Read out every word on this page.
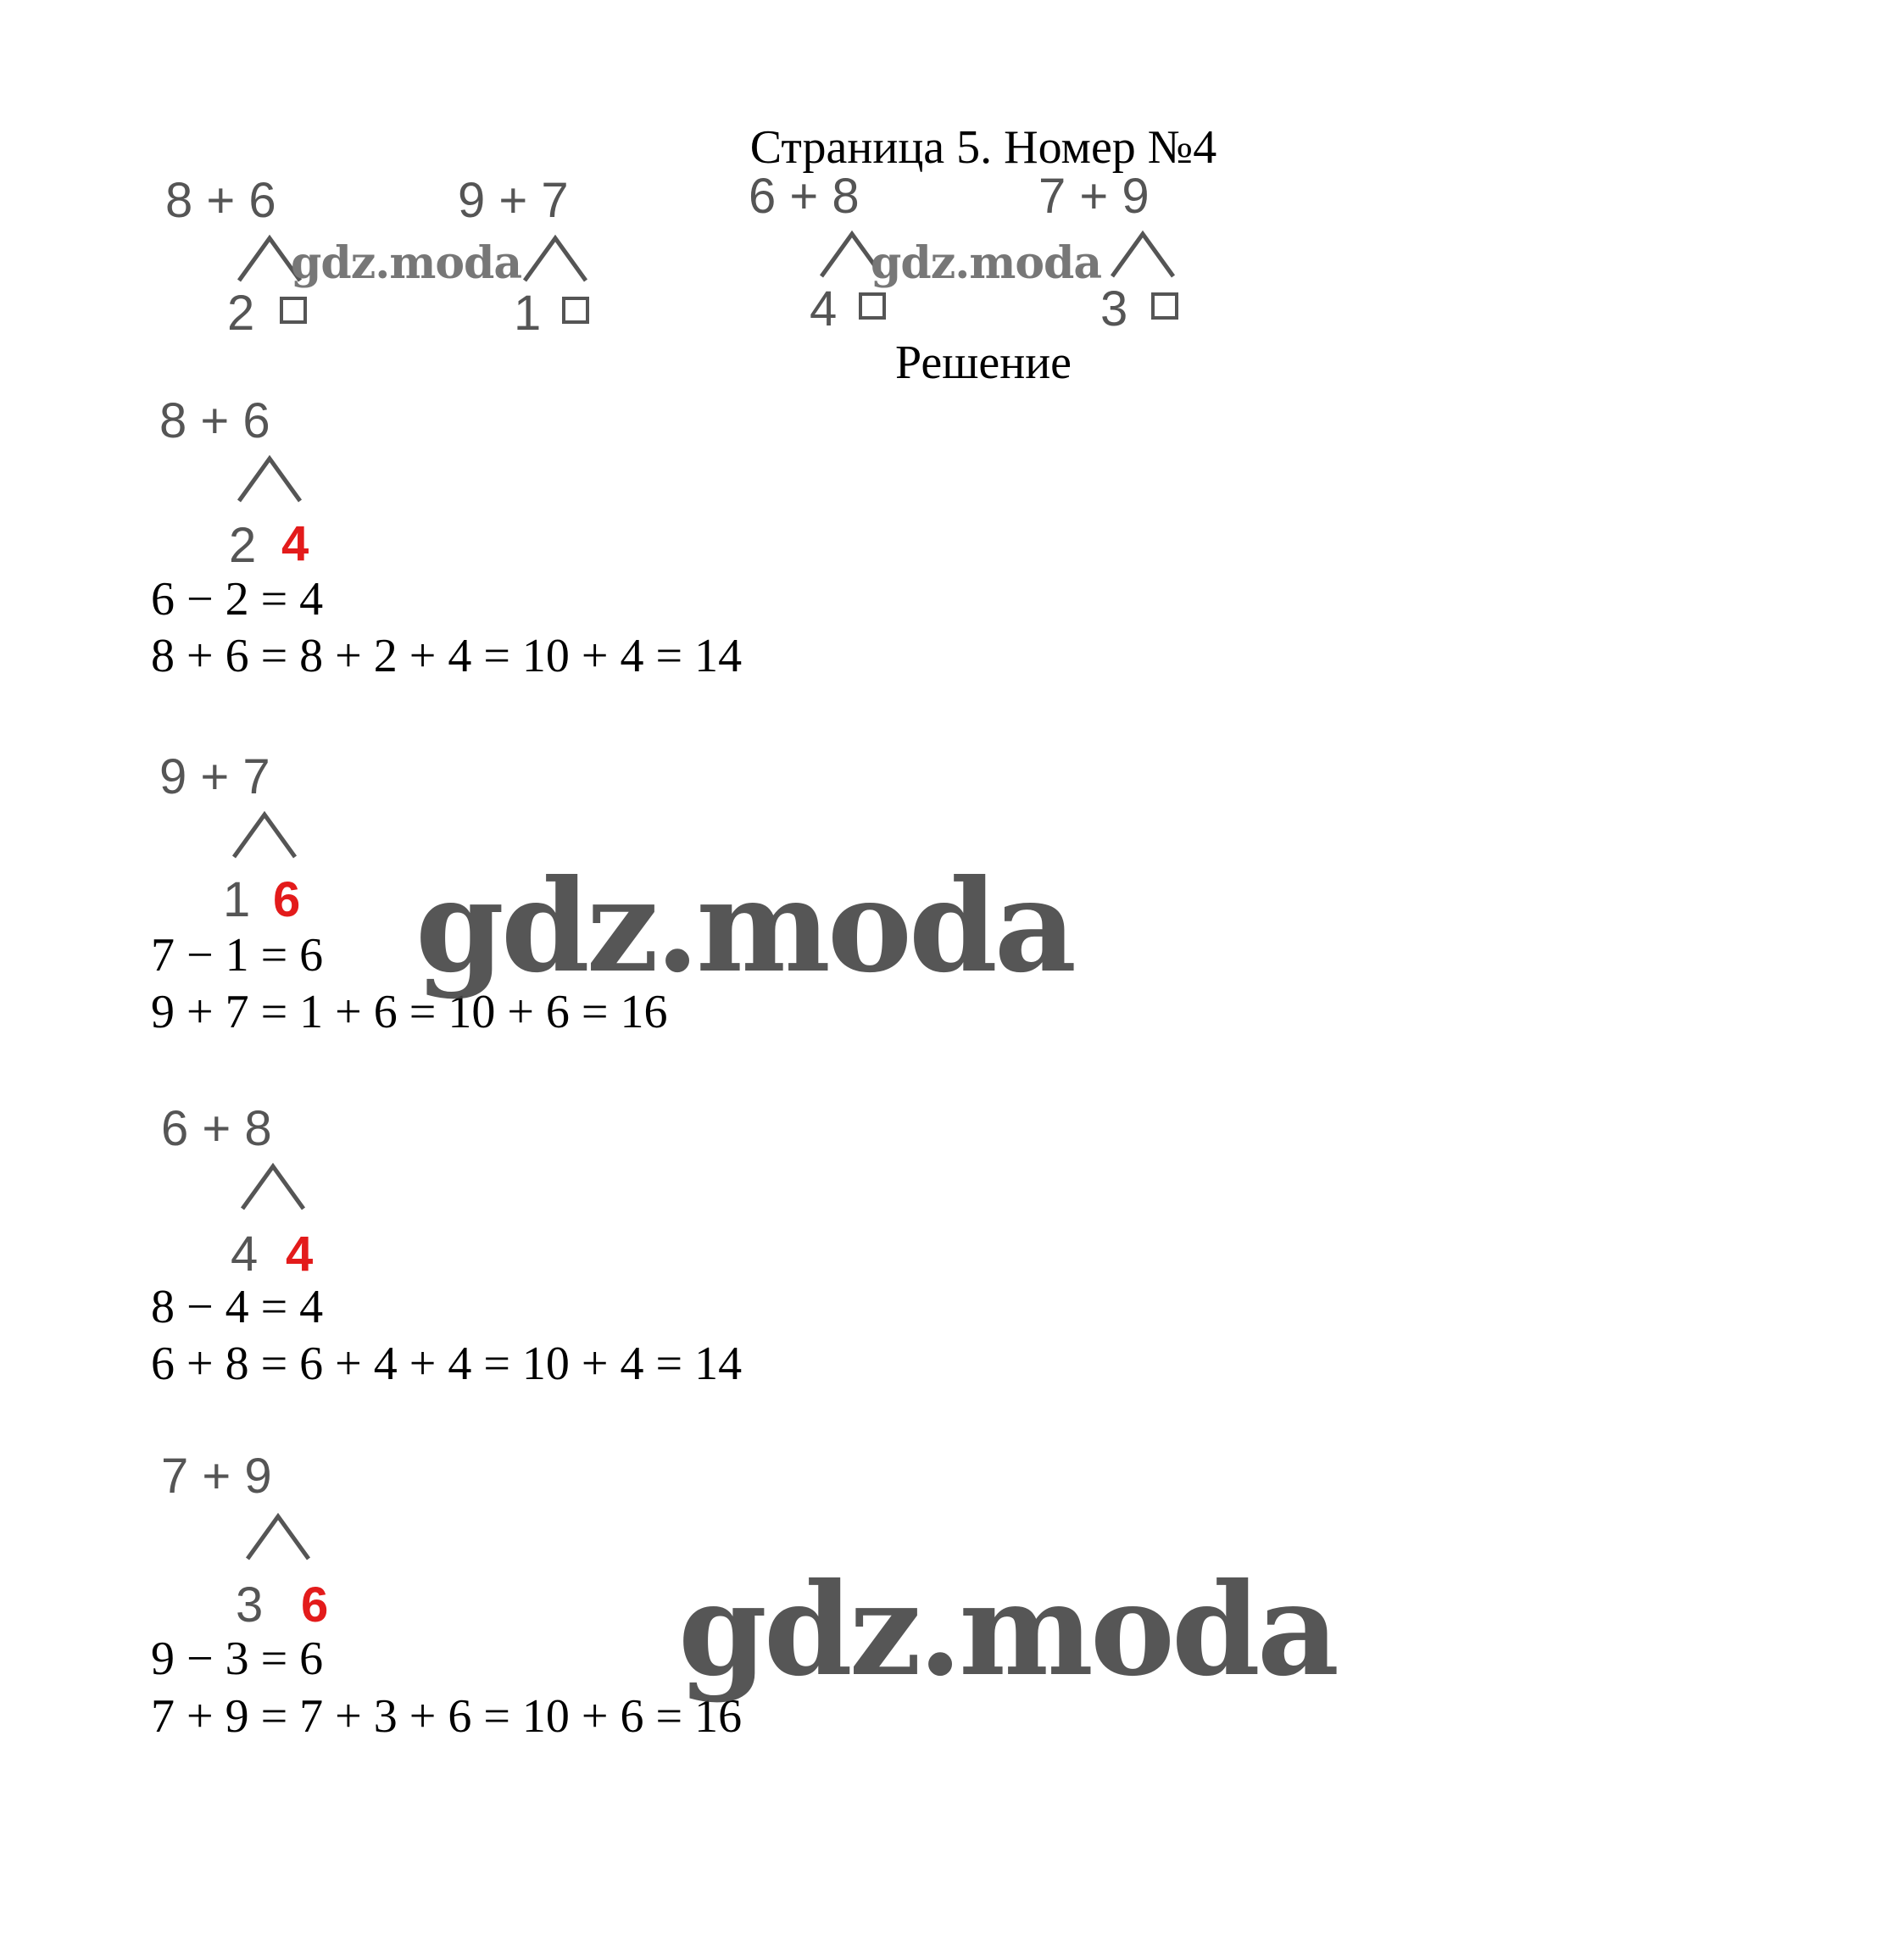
Страница 5. Номер №4
8 + 6
2
9 + 7
1
6 + 8
4
7 + 9
3
gdz.moda	gdz.moda
Решение
8 + 6
2 4
6 − 2 = 4
8 + 6 = 8 + 2 + 4 = 10 + 4 = 14
9 + 7
1 6
7 − 1 = 6
9 + 7 = 1 + 6 = 10 + 6 = 16
gdz.moda
6 + 8
4 4
8 − 4 = 4
6 + 8 = 6 + 4 + 4 = 10 + 4 = 14
7 + 9
3 6
9 − 3 = 6
7 + 9 = 7 + 3 + 6 = 10 + 6 = 16
gdz.moda
